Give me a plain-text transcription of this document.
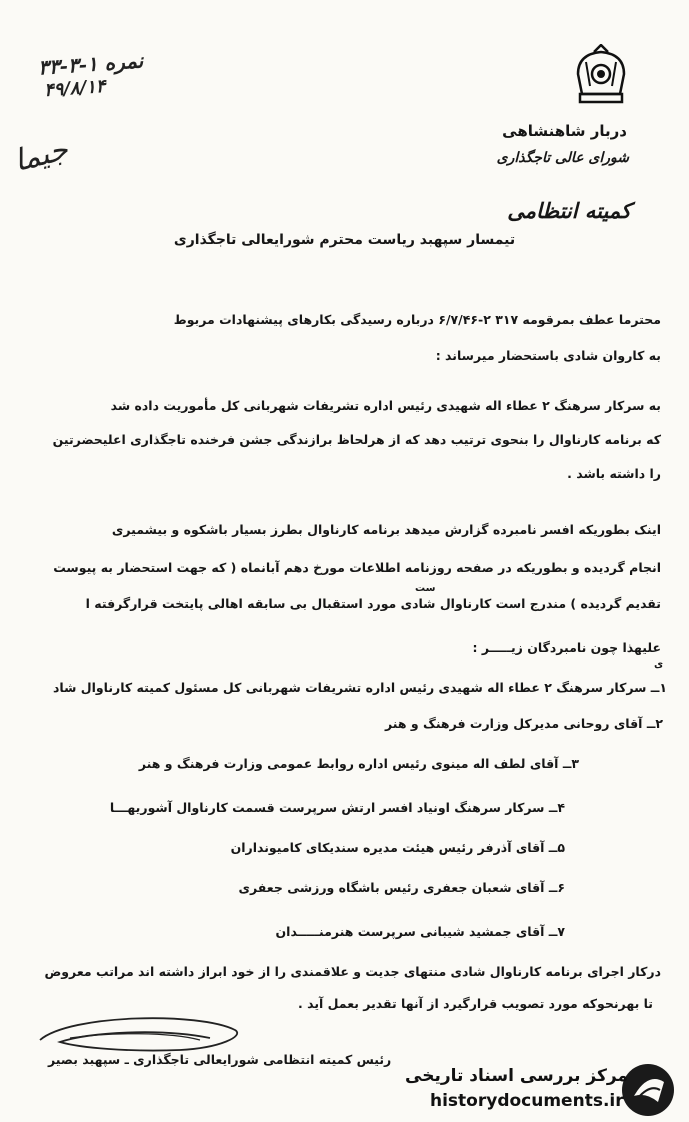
نمره ۱-۳-۳۳
۴۹/۸/۱۴
جیما
دربار شاهنشاهی
شورای عالی تاجگذاری
کمیته انتظامی
تیمسار سپهبد ریاست محترم شورایعالی تاجگذاری
محترما عطف بمرقومه ۳۱۷ ۲-۶/۷/۴۶ درباره رسیدگی بکارهای پیشنهادات مربوط
به کاروان شادی باستحضار میرساند :
به سرکار سرهنگ ۲ عطاء اله شهیدی رئیس اداره تشریفات شهربانی کل مأموریت داده شد
که برنامه کارناوال را بنحوی ترتیب دهد که از هرلحاظ برازندگی جشن فرخنده تاجگذاری اعلیحضرتین
را داشته باشد .
اینک بطوریکه افسر نامبرده گزارش میدهد برنامه کارناوال بطرز بسیار باشکوه و بیشمیری
انجام گردیده و بطوریکه در صفحه روزنامه اطلاعات مورخ دهم آبانماه ( که جهت استحضار به پیوست
تقدیم گردیده ) مندرج است کارناوال شادی مورد استقبال بی سابقه اهالی پایتخت قرارگرفته ا
علیهذا چون نامبردگان زیـــــر :
ست
ی
۱ــ سرکار سرهنگ ۲ عطاء اله شهیدی رئیس اداره تشریفات شهربانی کل مسئول کمیته کارناوال شاد
۲ــ آقای روحانی مدیرکل وزارت فرهنگ و هنر
۳ــ آقای لطف اله مینوی رئیس اداره روابط عمومی وزارت فرهنگ و هنر
۴ــ سرکار سرهنگ اونیاد افسر ارتش سرپرست قسمت کارناوال آشوریهـــا
۵ــ آقای آذرفر رئیس هیئت مدیره سندیکای کامیونداران
۶ــ آقای شعبان جعفری رئیس باشگاه ورزشی جعفری
۷ــ آقای جمشید شیبانی سرپرست هنرمنـــــدان
درکار اجرای برنامه کارناوال شادی منتهای جدیت و علاقمندی را از خود ابراز داشته اند مراتب معروض
تا بهرنحوکه مورد تصویب قرارگیرد از آنها تقدیر بعمل آید .
رئیس کمیته انتظامی شورایعالی تاجگذاری ـ سپهبد بصیر
مرکز بررسی اسناد تاریخی
historydocuments.ir
